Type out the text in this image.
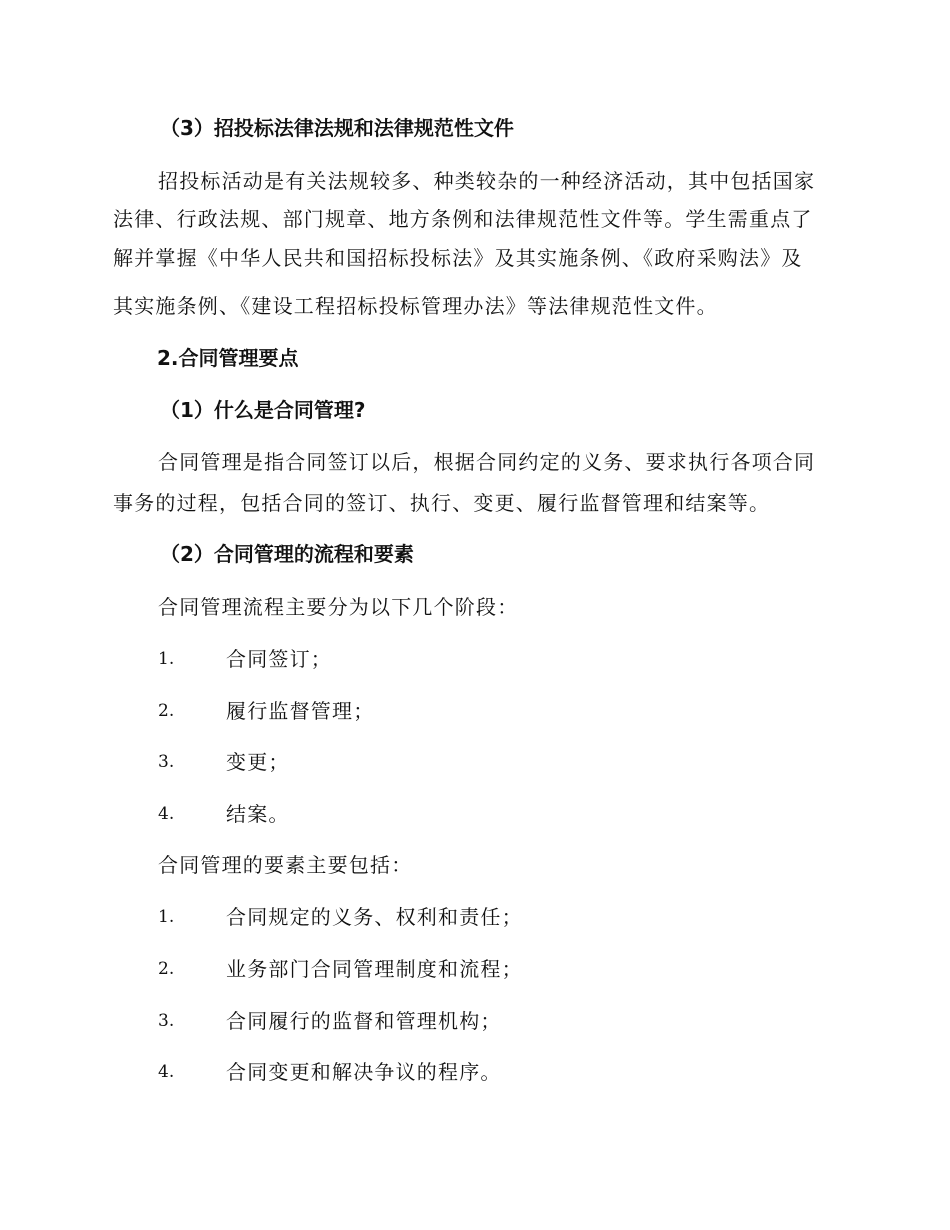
（3）招投标法律法规和法律规范性文件
招投标活动是有关法规较多、种类较杂的一种经济活动，其中包括国家
法律、行政法规、部门规章、地方条例和法律规范性文件等。学生需重点了
解并掌握《中华人民共和国招标投标法》及其实施条例、《政府采购法》及
其实施条例、《建设工程招标投标管理办法》等法律规范性文件。
2.合同管理要点
（1）什么是合同管理?
合同管理是指合同签订以后，根据合同约定的义务、要求执行各项合同
事务的过程，包括合同的签订、执行、变更、履行监督管理和结案等。
（2）合同管理的流程和要素
合同管理流程主要分为以下几个阶段：
1.	合同签订；
2.	履行监督管理；
3.	变更；
4.	结案。
合同管理的要素主要包括：
1.	合同规定的义务、权利和责任；
2.	业务部门合同管理制度和流程；
3.	合同履行的监督和管理机构；
4.	合同变更和解决争议的程序。
